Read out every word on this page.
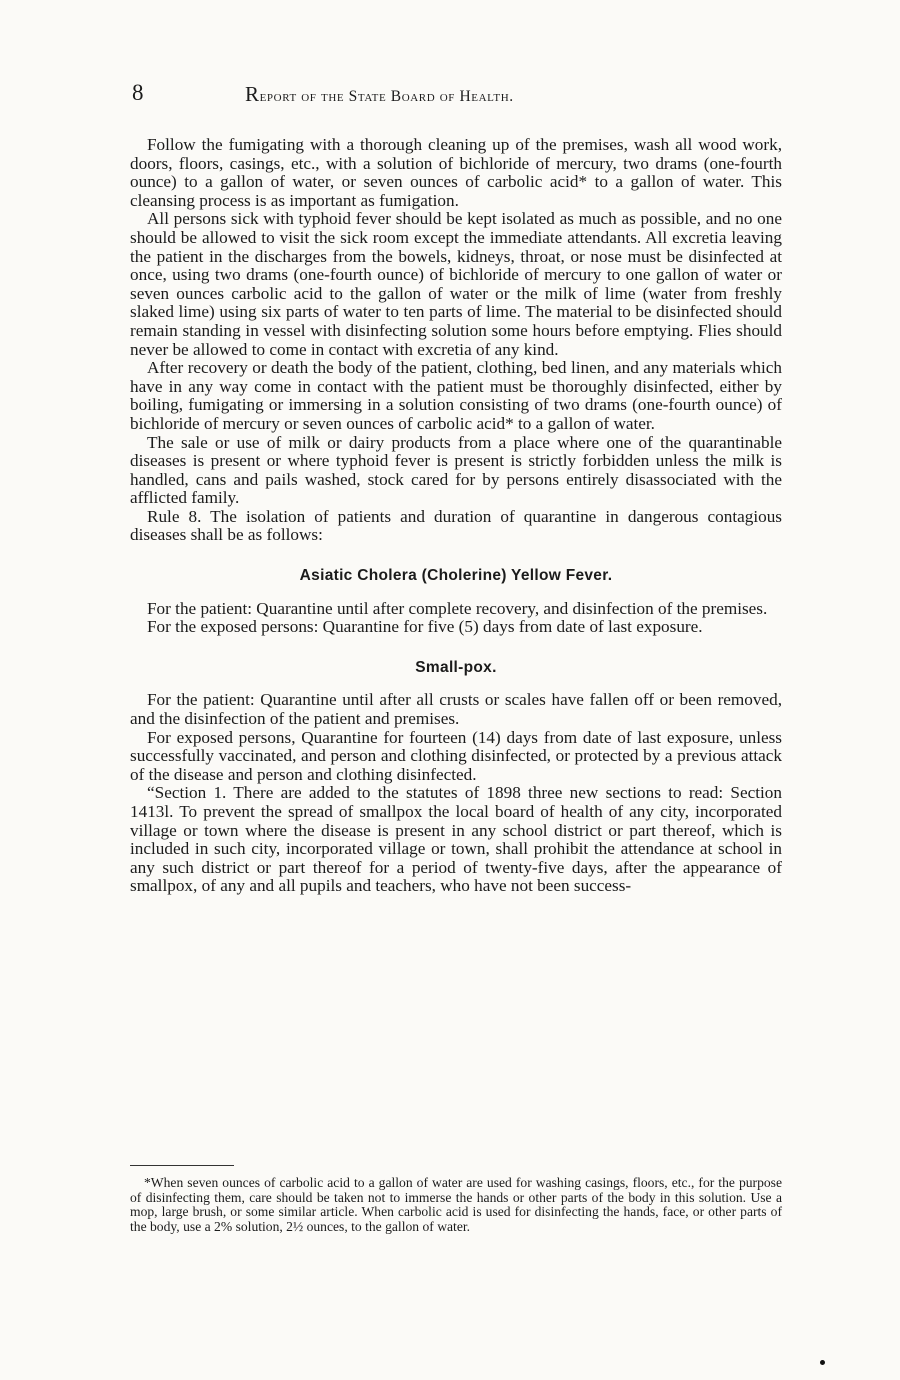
8	Report of the State Board of Health.

Follow the fumigating with a thorough cleaning up of the premises, wash all wood work, doors, floors, casings, etc., with a solution of bichloride of mercury, two drams (one-fourth ounce) to a gallon of water, or seven ounces of carbolic acid* to a gallon of water. This cleansing process is as important as fumigation.

All persons sick with typhoid fever should be kept isolated as much as possible, and no one should be allowed to visit the sick room except the immediate attendants. All excretia leaving the patient in the discharges from the bowels, kidneys, throat, or nose must be disinfected at once, using two drams (one-fourth ounce) of bichloride of mercury to one gallon of water or seven ounces carbolic acid to the gallon of water or the milk of lime (water from freshly slaked lime) using six parts of water to ten parts of lime. The material to be disinfected should remain standing in vessel with disinfecting solution some hours before emptying. Flies should never be allowed to come in contact with excretia of any kind.

After recovery or death the body of the patient, clothing, bed linen, and any materials which have in any way come in contact with the patient must be thoroughly disinfected, either by boiling, fumigating or immersing in a solution consisting of two drams (one-fourth ounce) of bichloride of mercury or seven ounces of carbolic acid* to a gallon of water.

The sale or use of milk or dairy products from a place where one of the quarantinable diseases is present or where typhoid fever is present is strictly forbidden unless the milk is handled, cans and pails washed, stock cared for by persons entirely disassociated with the afflicted family.

Rule 8. The isolation of patients and duration of quarantine in dangerous contagious diseases shall be as follows:

Asiatic Cholera (Cholerine) Yellow Fever.

For the patient: Quarantine until after complete recovery, and disinfection of the premises.

For the exposed persons: Quarantine for five (5) days from date of last exposure.

Small-pox.

For the patient: Quarantine until after all crusts or scales have fallen off or been removed, and the disinfection of the patient and premises.

For exposed persons, Quarantine for fourteen (14) days from date of last exposure, unless successfully vaccinated, and person and clothing disinfected, or protected by a previous attack of the disease and person and clothing disinfected.

“Section 1. There are added to the statutes of 1898 three new sections to read: Section 1413l. To prevent the spread of smallpox the local board of health of any city, incorporated village or town where the disease is present in any school district or part thereof, which is included in such city, incorporated village or town, shall prohibit the attendance at school in any such district or part thereof for a period of twenty-five days, after the appearance of smallpox, of any and all pupils and teachers, who have not been success-

*When seven ounces of carbolic acid to a gallon of water are used for washing casings, floors, etc., for the purpose of disinfecting them, care should be taken not to immerse the hands or other parts of the body in this solution. Use a mop, large brush, or some similar article. When carbolic acid is used for disinfecting the hands, face, or other parts of the body, use a 2% solution, 2½ ounces, to the gallon of water.
